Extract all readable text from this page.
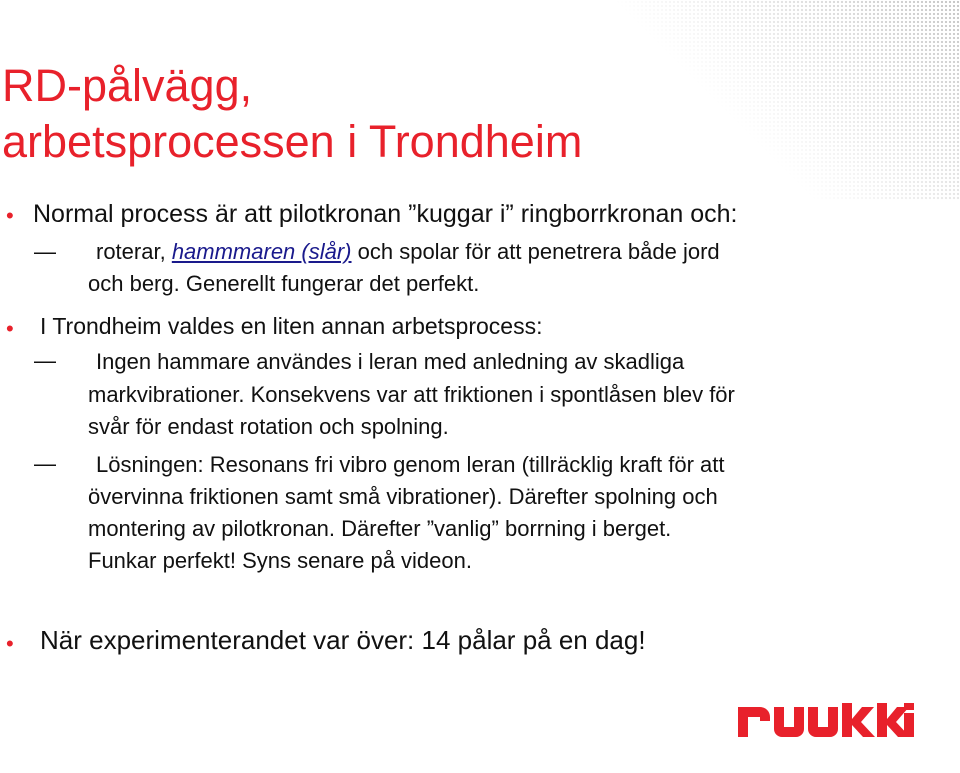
RD-pålvägg,
arbetsprocessen i Trondheim
• Normal process är att pilotkronan ”kuggar i” ringborrkronan och:
— roterar, hammmaren (slår) och spolar för att penetrera både jord
och berg. Generellt fungerar det perfekt.
• I Trondheim valdes en liten annan arbetsprocess:
— Ingen hammare användes i leran med anledning av skadliga
markvibrationer. Konsekvens var att friktionen i spontlåsen blev för
svår för endast rotation och spolning.
— Lösningen: Resonans fri vibro genom leran (tillräcklig kraft för att
övervinna friktionen samt små vibrationer). Därefter spolning och
montering av pilotkronan. Därefter ”vanlig” borrning i berget.
Funkar perfekt! Syns senare på videon.
• När experimenterandet var över: 14 pålar på en dag!
